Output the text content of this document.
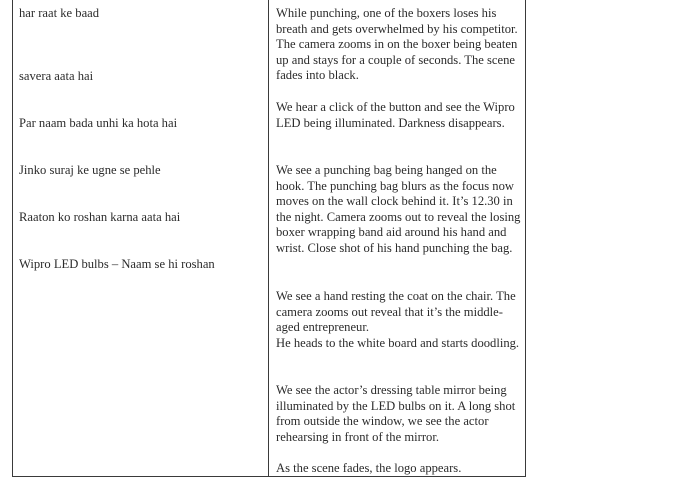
har raat ke baad
savera aata hai
Par naam bada unhi ka hota hai
Jinko suraj ke ugne se pehle
Raaton ko roshan karna aata hai
Wipro LED bulbs – Naam se hi roshan

While punching, one of the boxers loses his breath and gets overwhelmed by his competitor. The camera zooms in on the boxer being beaten up and stays for a couple of seconds. The scene fades into black.

We hear a click of the button and see the Wipro LED being illuminated. Darkness disappears.

We see a punching bag being hanged on the hook. The punching bag blurs as the focus now moves on the wall clock behind it. It’s 12.30 in the night. Camera zooms out to reveal the losing boxer wrapping band aid around his hand and wrist. Close shot of his hand punching the bag.

We see a hand resting the coat on the chair. The camera zooms out reveal that it’s the middle-aged entrepreneur.

He heads to the white board and starts doodling.

We see the actor’s dressing table mirror being illuminated by the LED bulbs on it. A long shot from outside the window, we see the actor rehearsing in front of the mirror.

As the scene fades, the logo appears.
